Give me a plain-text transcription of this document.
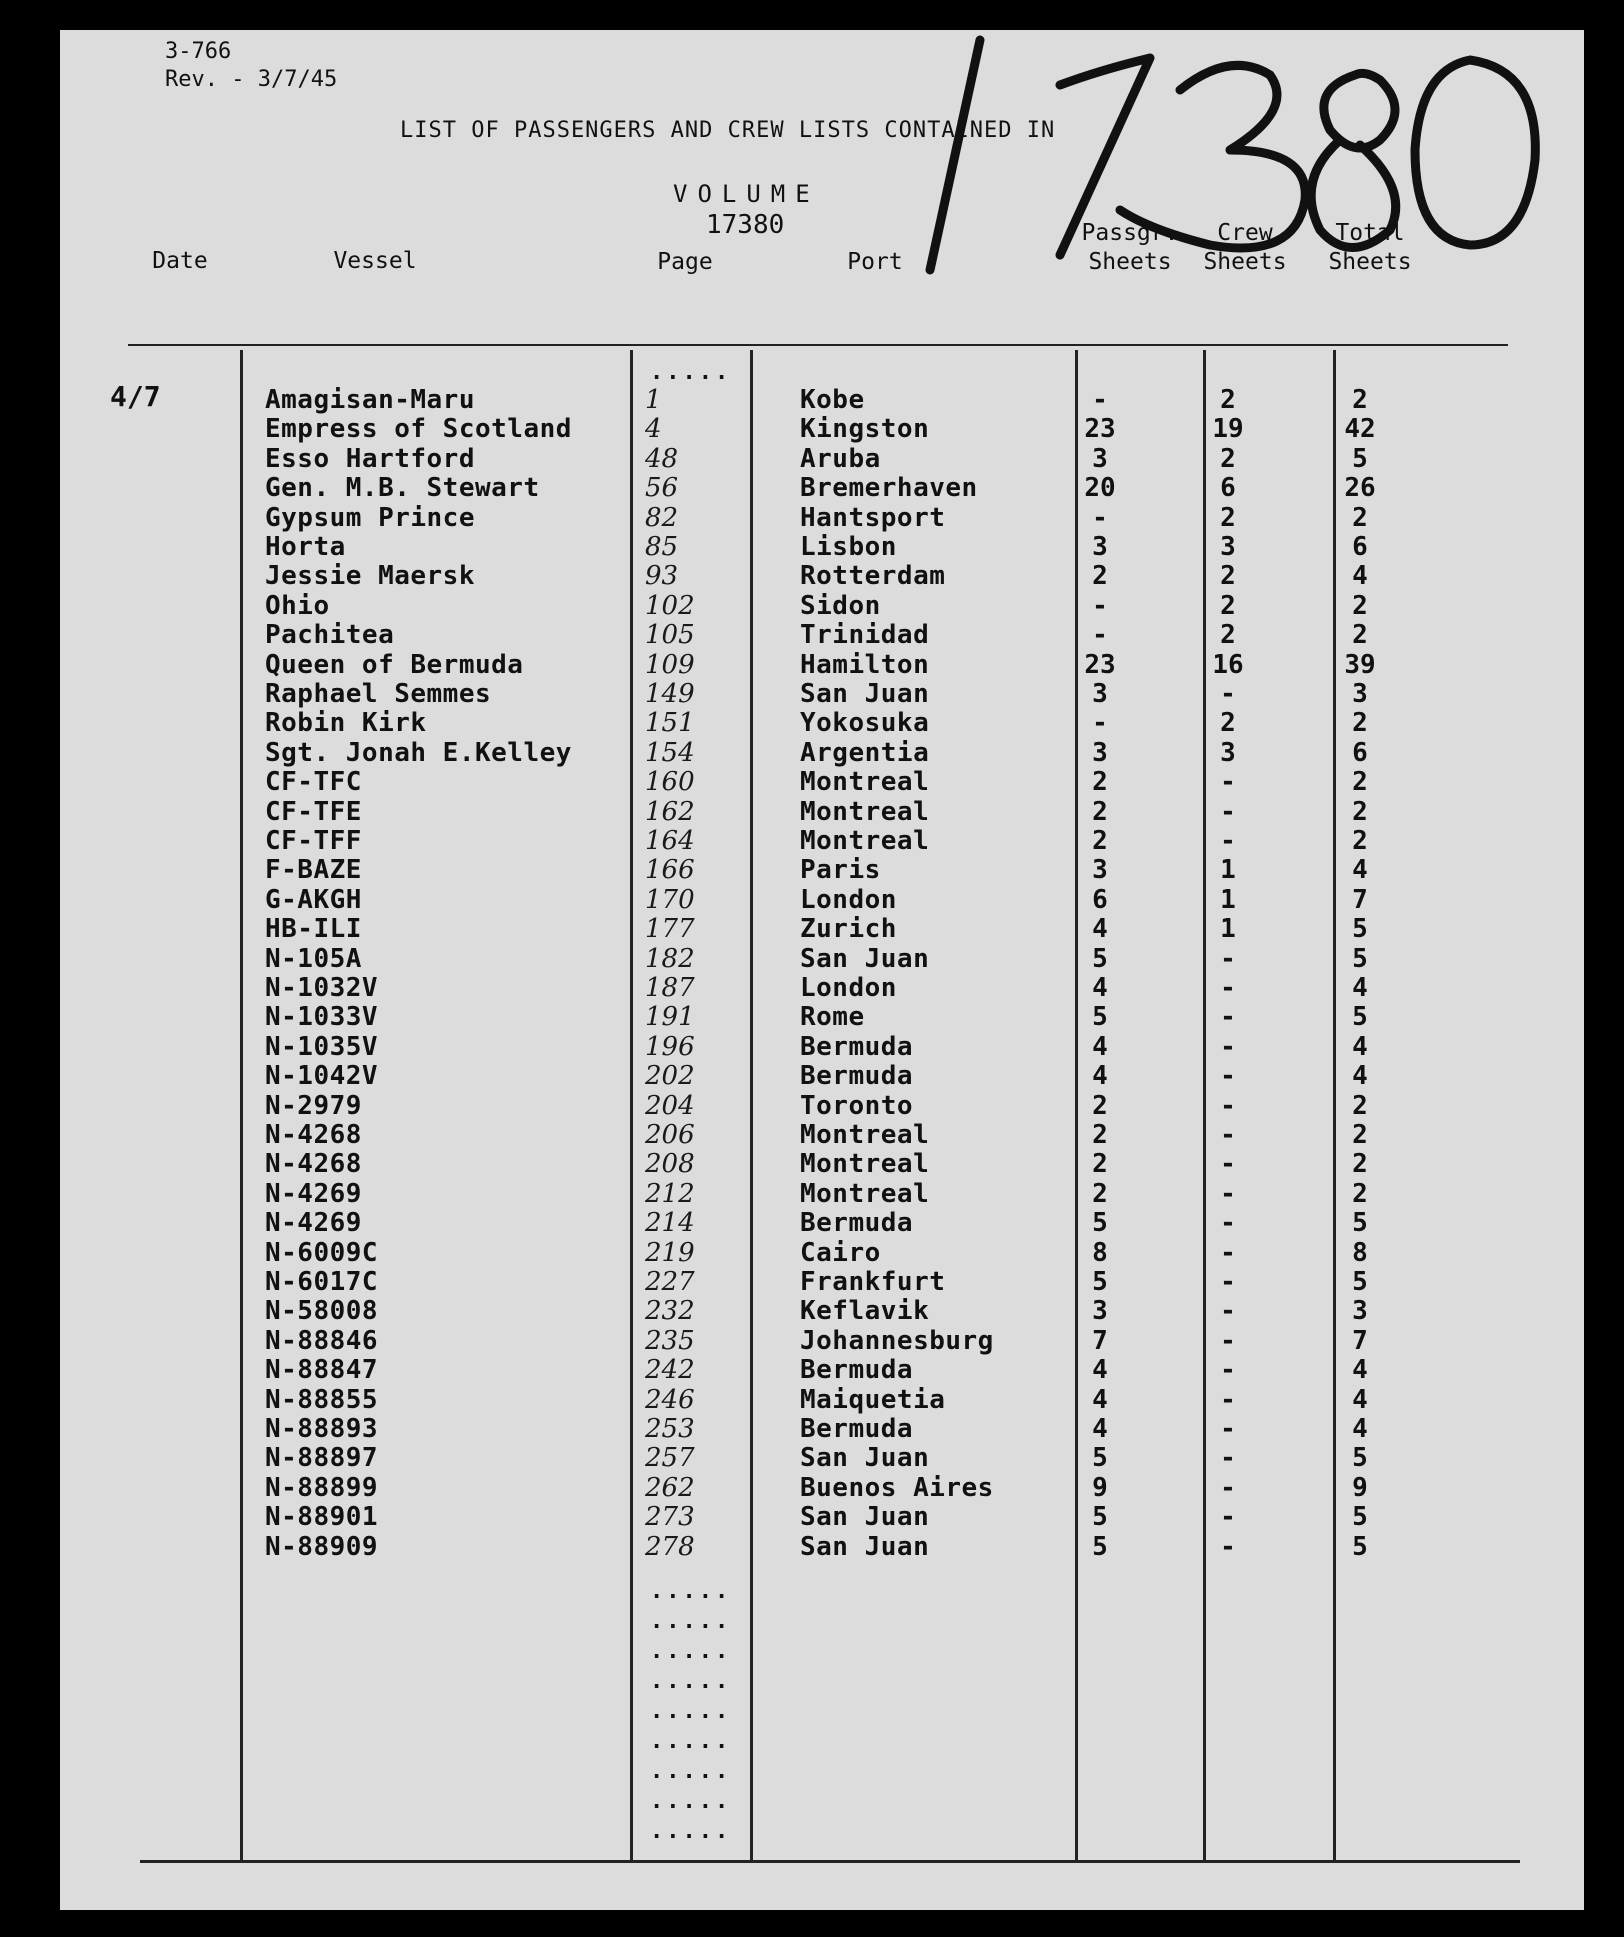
3-766
Rev. - 3/7/45
LIST OF PASSENGERS AND CREW LISTS CONTAINED IN
VOLUME
17380
Date	Vessel	Page	Port
Passgr.
Sheets
Crew
Sheets
Total
Sheets
4/7
.....
Amagisan-Maru	1	Kobe	-	2	2
Empress of Scotland	4	Kingston	23	19	42
Esso Hartford	48	Aruba	3	2	5
Gen. M.B. Stewart	56	Bremerhaven	20	6	26
Gypsum Prince	82	Hantsport	-	2	2
Horta	85	Lisbon	3	3	6
Jessie Maersk	93	Rotterdam	2	2	4
Ohio	102	Sidon	-	2	2
Pachitea	105	Trinidad	-	2	2
Queen of Bermuda	109	Hamilton	23	16	39
Raphael Semmes	149	San Juan	3	-	3
Robin Kirk	151	Yokosuka	-	2	2
Sgt. Jonah E.Kelley	154	Argentia	3	3	6
CF-TFC	160	Montreal	2	-	2
CF-TFE	162	Montreal	2	-	2
CF-TFF	164	Montreal	2	-	2
F-BAZE	166	Paris	3	1	4
G-AKGH	170	London	6	1	7
HB-ILI	177	Zurich	4	1	5
N-105A	182	San Juan	5	-	5
N-1032V	187	London	4	-	4
N-1033V	191	Rome	5	-	5
N-1035V	196	Bermuda	4	-	4
N-1042V	202	Bermuda	4	-	4
N-2979	204	Toronto	2	-	2
N-4268	206	Montreal	2	-	2
N-4268	208	Montreal	2	-	2
N-4269	212	Montreal	2	-	2
N-4269	214	Bermuda	5	-	5
N-6009C	219	Cairo	8	-	8
N-6017C	227	Frankfurt	5	-	5
N-58008	232	Keflavik	3	-	3
N-88846	235	Johannesburg	7	-	7
N-88847	242	Bermuda	4	-	4
N-88855	246	Maiquetia	4	-	4
N-88893	253	Bermuda	4	-	4
N-88897	257	San Juan	5	-	5
N-88899	262	Buenos Aires	9	-	9
N-88901	273	San Juan	5	-	5
N-88909	278	San Juan	5	-	5
.....
.....
.....
.....
.....
.....
.....
.....
.....
